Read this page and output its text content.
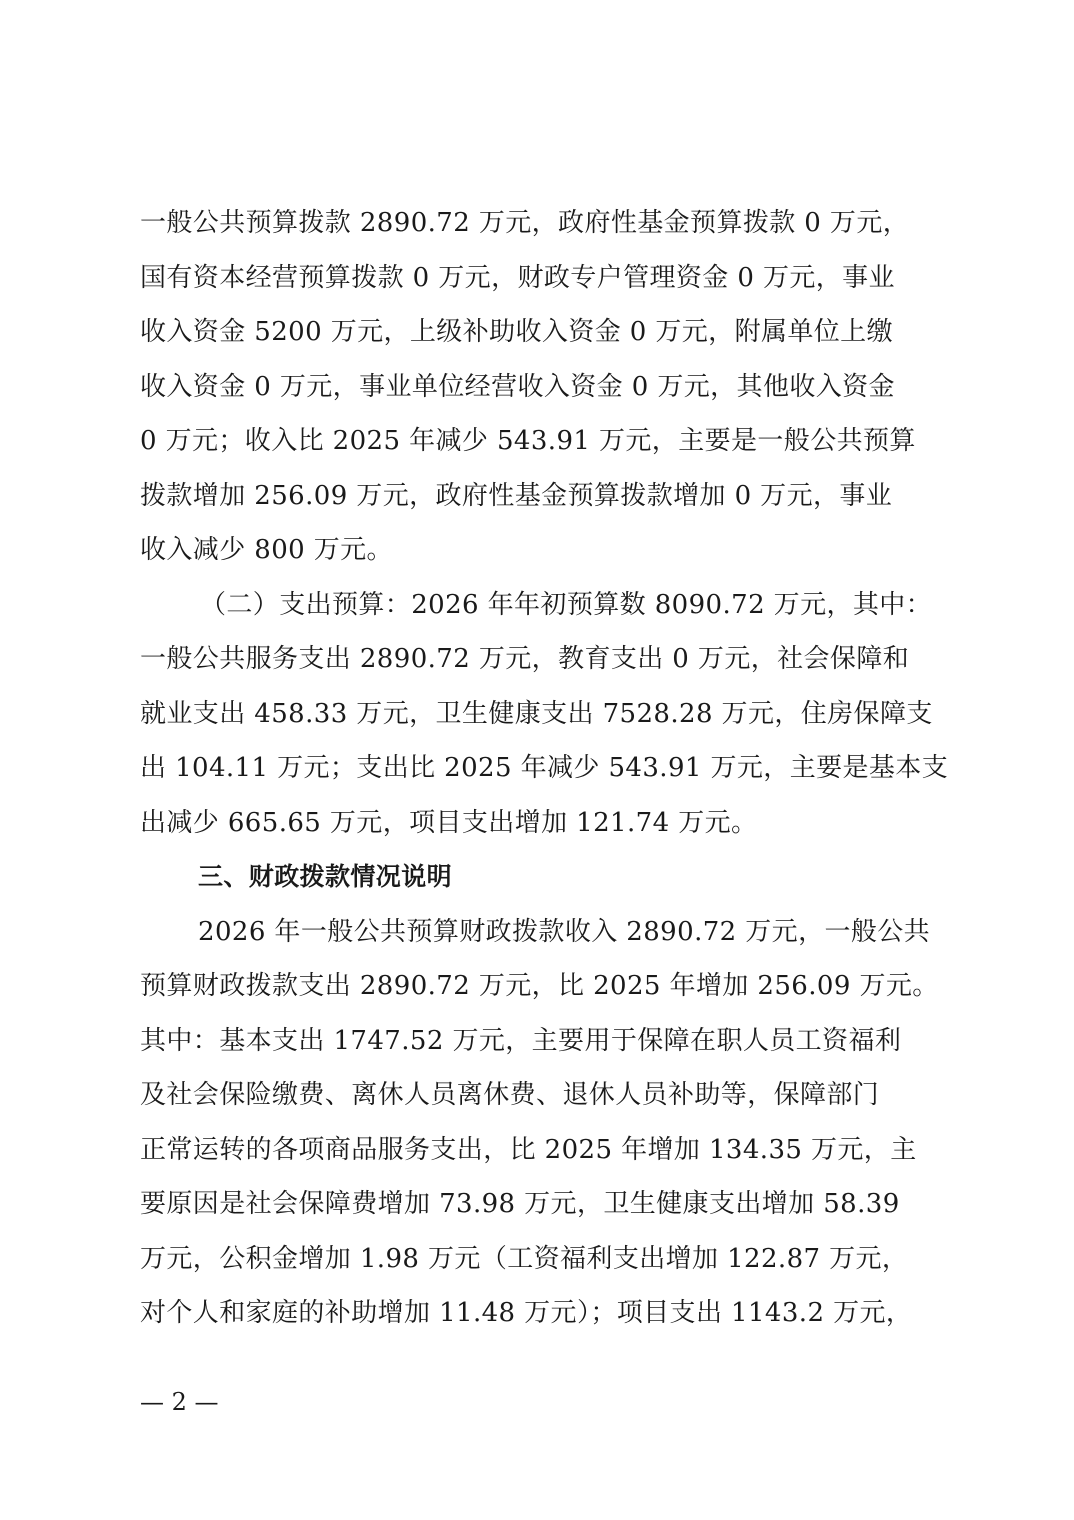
一般公共预算拨款 2890.72 万元，政府性基金预算拨款 0 万元，
国有资本经营预算拨款 0 万元，财政专户管理资金 0 万元，事业
收入资金 5200 万元，上级补助收入资金 0 万元，附属单位上缴
收入资金 0 万元，事业单位经营收入资金 0 万元，其他收入资金
0 万元；收入比 2025 年减少 543.91 万元，主要是一般公共预算
拨款增加 256.09 万元，政府性基金预算拨款增加 0 万元，事业
收入减少 800 万元。
（二）支出预算：2026 年年初预算数 8090.72 万元，其中：
一般公共服务支出 2890.72 万元，教育支出 0 万元，社会保障和
就业支出 458.33 万元，卫生健康支出 7528.28 万元，住房保障支
出 104.11 万元；支出比 2025 年减少 543.91 万元，主要是基本支
出减少 665.65 万元，项目支出增加 121.74 万元。
三、财政拨款情况说明
2026 年一般公共预算财政拨款收入 2890.72 万元，一般公共
预算财政拨款支出 2890.72 万元，比 2025 年增加 256.09 万元。
其中：基本支出 1747.52 万元，主要用于保障在职人员工资福利
及社会保险缴费、离休人员离休费、退休人员补助等，保障部门
正常运转的各项商品服务支出，比 2025 年增加 134.35 万元，主
要原因是社会保障费增加 73.98 万元，卫生健康支出增加 58.39
万元，公积金增加 1.98 万元（工资福利支出增加 122.87 万元，
对个人和家庭的补助增加 11.48 万元）；项目支出 1143.2 万元，
— 2 —
